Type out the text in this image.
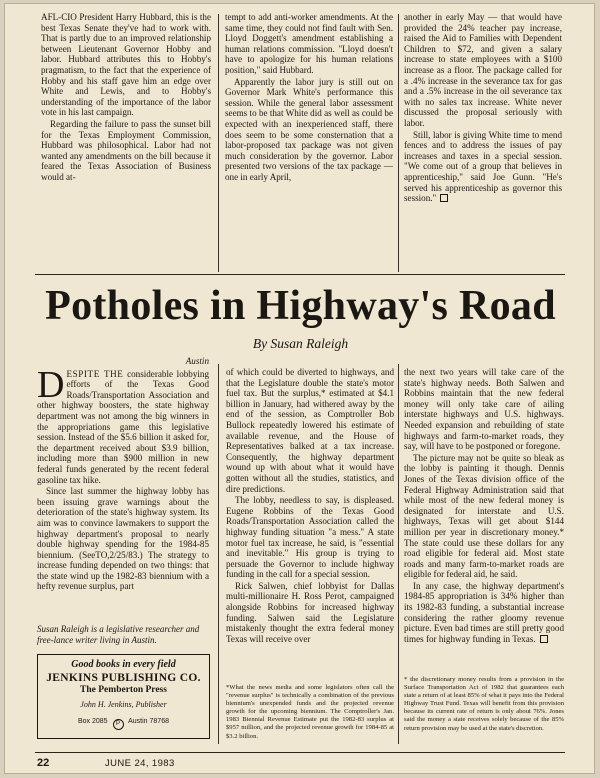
AFL-CIO President Harry Hubbard, this is the best Texas Senate they've had to work with. That is partly due to an improved relationship between Lieutenant Governor Hobby and labor. Hubbard attributes this to Hobby's pragmatism, to the fact that the experience of Hobby and his staff gave him an edge over White and Lewis, and to Hobby's understanding of the importance of the labor vote in his last campaign.

Regarding the failure to pass the sunset bill for the Texas Employment Commission, Hubbard was philosophical. Labor had not wanted any amendments on the bill because it feared the Texas Association of Business would at-

tempt to add anti-worker amendments. At the same time, they could not find fault with Sen. Lloyd Doggett's amendment establishing a human relations commission. "Lloyd doesn't have to apologize for his human relations position," said Hubbard.

Apparently the labor jury is still out on Governor Mark White's performance this session. While the general labor assessment seems to be that White did as well as could be expected with an inexperienced staff, there does seem to be some consternation that a labor-proposed tax package was not given much consideration by the governor. Labor presented two versions of the tax package — one in early April,

another in early May — that would have provided the 24% teacher pay increase, raised the Aid to Families with Dependent Children to $72, and given a salary increase to state employees with a $100 increase as a floor. The package called for a .4% increase in the severance tax for gas and a .5% increase in the oil severance tax with no sales tax increase. White never discussed the proposal seriously with labor.

Still, labor is giving White time to mend fences and to address the issues of pay increases and taxes in a special session. "We come out of a group that believes in apprenticeship," said Joe Gunn. "He's served his apprenticeship as governor this session."

Potholes in Highway's Road
By Susan Raleigh
Austin

DESPITE THE considerable lobbying efforts of the Texas Good Roads/Transportation Association and other highway boosters, the state highway department was not among the big winners in the appropriations game this legislative session. Instead of the $5.6 billion it asked for, the department received about $3.9 billion, including more than $900 million in new federal funds generated by the recent federal gasoline tax hike.

Since last summer the highway lobby has been issuing grave warnings about the deterioration of the state's highway system. Its aim was to convince lawmakers to support the highway department's proposal to nearly double highway spending for the 1984-85 biennium. (SeeTO,2/25/83.) The strategy to increase funding depended on two things: that the state wind up the 1982-83 biennium with a hefty revenue surplus, part

Susan Raleigh is a legislative researcher and free-lance writer living in Austin.
Good books in every field
JENKINS PUBLISHING CO.
The Pemberton Press
John H. Jenkins, Publisher
Box 2085 P Austin 78768

of which could be diverted to highways, and that the Legislature double the state's motor fuel tax. But the surplus,* estimated at $4.1 billion in January, had withered away by the end of the session, as Comptroller Bob Bullock repeatedly lowered his estimate of available revenue, and the House of Representatives balked at a tax increase. Consequently, the highway department wound up with about what it would have gotten without all the studies, statistics, and dire predictions.

The lobby, needless to say, is displeased. Eugene Robbins of the Texas Good Roads/Transportation Association called the highway funding situation "a mess." A state motor fuel tax increase, he said, is "essential and inevitable." His group is trying to persuade the Governor to include highway funding in the call for a special session.

Rick Salwen, chief lobbyist for Dallas multi-millionaire H. Ross Perot, campaigned alongside Robbins for increased highway funding. Salwen said the Legislature mistakenly thought the extra federal money Texas will receive over

*What the news media and some legislators often call the "revenue surplus" is technically a combination of the previous biennium's unexpended funds and the projected revenue growth for the upcoming biennium. The Comptroller's Jan. 1983 Biennial Revenue Estimate put the 1982-83 surplus at $957 million, and the projected revenue growth for 1984-85 at $3.2 billion.

the next two years will take care of the state's highway needs. Both Salwen and Robbins maintain that the new federal money will only take care of ailing interstate highways and U.S. highways. Needed expansion and rebuilding of state highways and farm-to-market roads, they say, will have to be postponed or foregone.

The picture may not be quite so bleak as the lobby is painting it though. Dennis Jones of the Texas division office of the Federal Highway Administration said that while most of the new federal money is designated for interstate and U.S. highways, Texas will get about $144 million per year in discretionary money.* The state could use these dollars for any road eligible for federal aid. Most state roads and many farm-to-market roads are eligible for federal aid, he said.

In any case, the highway department's 1984-85 appropriation is 34% higher than its 1982-83 funding, a substantial increase considering the rather gloomy revenue picture. Even bad times are still pretty good times for highway funding in Texas.

* the discretionary money results from a provision in the Surface Transportation Act of 1982 that guarantees each state a return of at least 85% of what it pays into the Federal Highway Trust Fund. Texas will benefit from this provision because its current rate of return is only about 76%. Jones said the money a state receives solely because of the 85% return provision may be used at the state's discretion.
22	JUNE 24, 1983
